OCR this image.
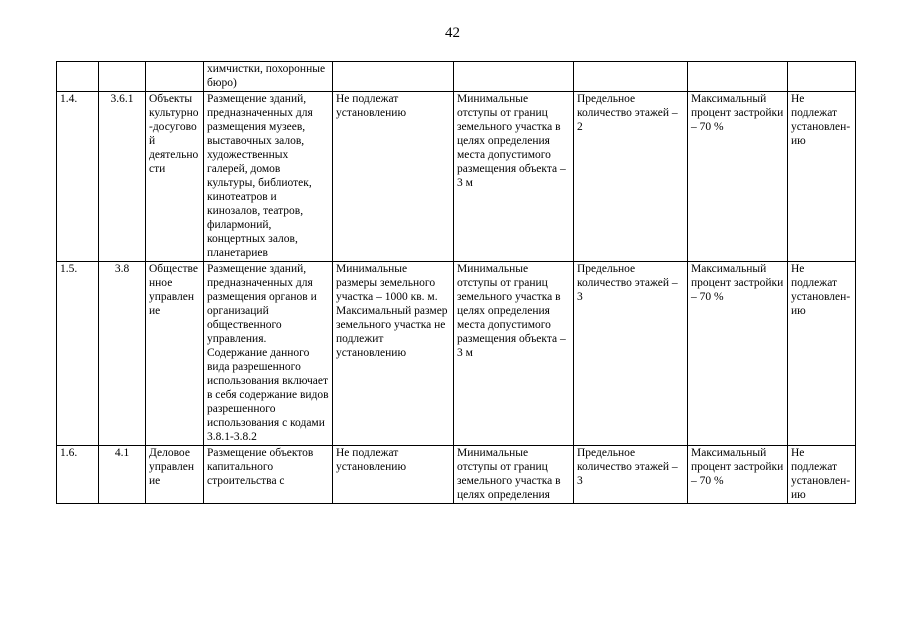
42
			химчистки, похоронные бюро)					
1.4.	3.6.1	Объекты культурно-досуговой деятельности	Размещение зданий, предназначенных для размещения музеев, выставочных залов, художественных галерей, домов культуры, библиотек, кинотеатров и кинозалов, театров, филармоний, концертных залов, планетариев	Не подлежат установлению	Минимальные отступы от границ земельного участка в целях определения места допустимого размещения объекта – 3 м	Предельное количество этажей – 2	Максимальный процент застройки – 70 %	Не подлежат установлению
1.5.	3.8	Общественное управление	Размещение зданий, предназначенных для размещения органов и организаций общественного управления. Содержание данного вида разрешенного использования включает в себя содержание видов разрешенного использования с кодами 3.8.1-3.8.2	Минимальные размеры земельного участка – 1000 кв. м. Максимальный размер земельного участка не подлежит установлению	Минимальные отступы от границ земельного участка в целях определения места допустимого размещения объекта – 3 м	Предельное количество этажей – 3	Максимальный процент застройки – 70 %	Не подлежат установлению
1.6.	4.1	Деловое управление	Размещение объектов капитального строительства с	Не подлежат установлению	Минимальные отступы от границ земельного участка в целях определения	Предельное количество этажей – 3	Максимальный процент застройки – 70 %	Не подлежат установлению
